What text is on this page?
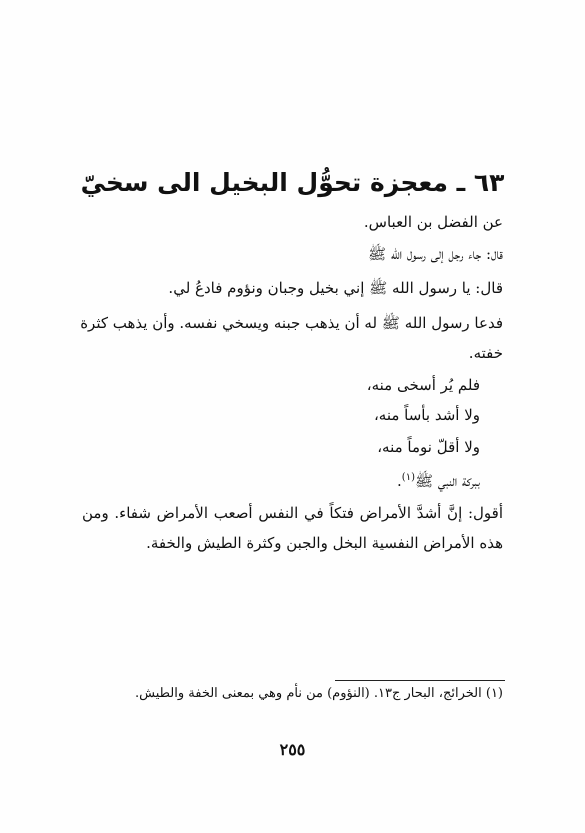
٦٣ ـ معجزة تحوُّل البخيل الى سخيّ
عن الفضل بن العباس.
قال: جاء رجل إلى رسول الله ﷺ
قال: يا رسول الله ﷺ إني بخيل وجبان ونؤوم فادعُ لي.
فدعا رسول الله ﷺ له أن يذهب جبنه ويسخي نفسه. وأن يذهب كثرة
خفته.
فلم يُر أسخى منه،
ولا أشد بأساً منه،
ولا أقلّ نوماً منه،
ببركة النبي ﷺ$^{(١)}$.
أقول: إنَّ أشدَّ الأمراض فتكاً في النفس أصعب الأمراض شفاء. ومن
هذه الأمراض النفسية البخل والجبن وكثرة الطيش والخفة.
(١) الخرائج، البحار ج١٣. (النؤوم) من نأم وهي بمعنى الخفة والطيش.
٢٥٥
